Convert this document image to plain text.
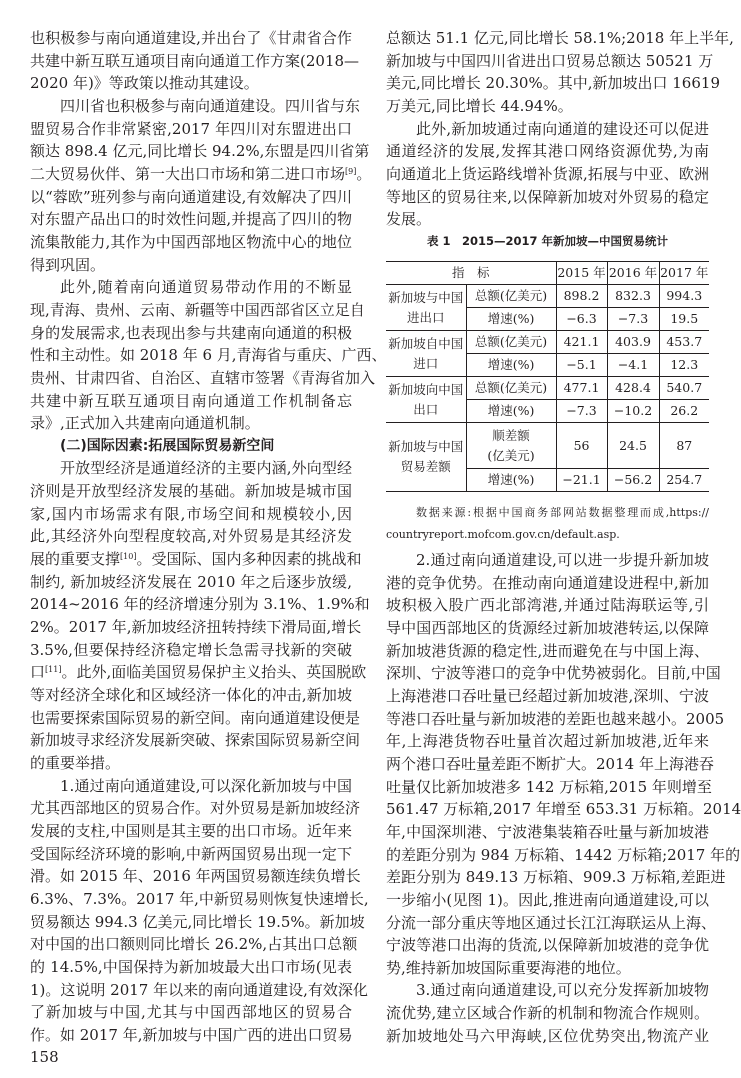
也积极参与南向通道建设,并出台了《甘肃省合作
共建中新互联互通项目南向通道工作方案(2018—
2020 年)》等政策以推动其建设。
四川省也积极参与南向通道建设。四川省与东
盟贸易合作非常紧密,2017 年四川对东盟进出口
额达 898.4 亿元,同比增长 94.2%,东盟是四川省第
二大贸易伙伴、第一大出口市场和第二进口市场[9]。
以“蓉欧”班列参与南向通道建设,有效解决了四川
对东盟产品出口的时效性问题,并提高了四川的物
流集散能力,其作为中国西部地区物流中心的地位
得到巩固。
此外,随着南向通道贸易带动作用的不断显
现,青海、贵州、云南、新疆等中国西部省区立足自
身的发展需求,也表现出参与共建南向通道的积极
性和主动性。如 2018 年 6 月,青海省与重庆、广西、
贵州、甘肃四省、自治区、直辖市签署《青海省加入
共建中新互联互通项目南向通道工作机制备忘
录》,正式加入共建南向通道机制。
(二)国际因素:拓展国际贸易新空间
开放型经济是通道经济的主要内涵,外向型经
济则是开放型经济发展的基础。新加坡是城市国
家,国内市场需求有限,市场空间和规模较小,因
此,其经济外向型程度较高,对外贸易是其经济发
展的重要支撑[10]。受国际、国内多种因素的挑战和
制约, 新加坡经济发展在 2010 年之后逐步放缓,
2014~2016 年的经济增速分别为 3.1%、1.9%和
2%。2017 年,新加坡经济扭转持续下滑局面,增长
3.5%,但要保持经济稳定增长急需寻找新的突破
口[11]。此外,面临美国贸易保护主义抬头、英国脱欧
等对经济全球化和区域经济一体化的冲击,新加坡
也需要探索国际贸易的新空间。南向通道建设便是
新加坡寻求经济发展新突破、探索国际贸易新空间
的重要举措。
1.通过南向通道建设,可以深化新加坡与中国
尤其西部地区的贸易合作。对外贸易是新加坡经济
发展的支柱,中国则是其主要的出口市场。近年来
受国际经济环境的影响,中新两国贸易出现一定下
滑。如 2015 年、2016 年两国贸易额连续负增长
6.3%、7.3%。2017 年,中新贸易则恢复快速增长,
贸易额达 994.3 亿美元,同比增长 19.5%。新加坡
对中国的出口额则同比增长 26.2%,占其出口总额
的 14.5%,中国保持为新加坡最大出口市场(见表
1)。这说明 2017 年以来的南向通道建设,有效深化
了新加坡与中国,尤其与中国西部地区的贸易合
作。如 2017 年,新加坡与中国广西的进出口贸易
总额达 51.1 亿元,同比增长 58.1%;2018 年上半年,
新加坡与中国四川省进出口贸易总额达 50521 万
美元,同比增长 20.30%。其中,新加坡出口 16619
万美元,同比增长 44.94%。
此外,新加坡通过南向通道的建设还可以促进
通道经济的发展,发挥其港口网络资源优势,为南
向通道北上货运路线增补货源,拓展与中亚、欧洲
等地区的贸易往来,以保障新加坡对外贸易的稳定
发展。
表 1　2015—2017 年新加坡—中国贸易统计
指　标		2015 年	2016 年	2017 年
新加坡与中国进出口	总额(亿美元)	898.2	832.3	994.3
	增速(%)	−6.3	−7.3	19.5
新加坡自中国进口	总额(亿美元)	421.1	403.9	453.7
	增速(%)	−5.1	−4.1	12.3
新加坡向中国出口	总额(亿美元)	477.1	428.4	540.7
	增速(%)	−7.3	−10.2	26.2
新加坡与中国贸易差额	顺差额(亿美元)	56	24.5	87
	增速(%)	−21.1	−56.2	254.7
数据来源:根据中国商务部网站数据整理而成,https://
countryreport.mofcom.gov.cn/default.asp.
2.通过南向通道建设,可以进一步提升新加坡
港的竞争优势。在推动南向通道建设进程中,新加
坡积极入股广西北部湾港,并通过陆海联运等,引
导中国西部地区的货源经过新加坡港转运,以保障
新加坡港货源的稳定性,进而避免在与中国上海、
深圳、宁波等港口的竞争中优势被弱化。目前,中国
上海港港口吞吐量已经超过新加坡港,深圳、宁波
等港口吞吐量与新加坡港的差距也越来越小。2005
年,上海港货物吞吐量首次超过新加坡港,近年来
两个港口吞吐量差距不断扩大。2014 年上海港吞
吐量仅比新加坡港多 142 万标箱,2015 年则增至
561.47 万标箱,2017 年增至 653.31 万标箱。2014
年,中国深圳港、宁波港集装箱吞吐量与新加坡港
的差距分别为 984 万标箱、1442 万标箱;2017 年的
差距分别为 849.13 万标箱、909.3 万标箱,差距进
一步缩小(见图 1)。因此,推进南向通道建设,可以
分流一部分重庆等地区通过长江江海联运从上海、
宁波等港口出海的货流,以保障新加坡港的竞争优
势,维持新加坡国际重要海港的地位。
3.通过南向通道建设,可以充分发挥新加坡物
流优势,建立区域合作新的机制和物流合作规则。
新加坡地处马六甲海峡,区位优势突出,物流产业
158
